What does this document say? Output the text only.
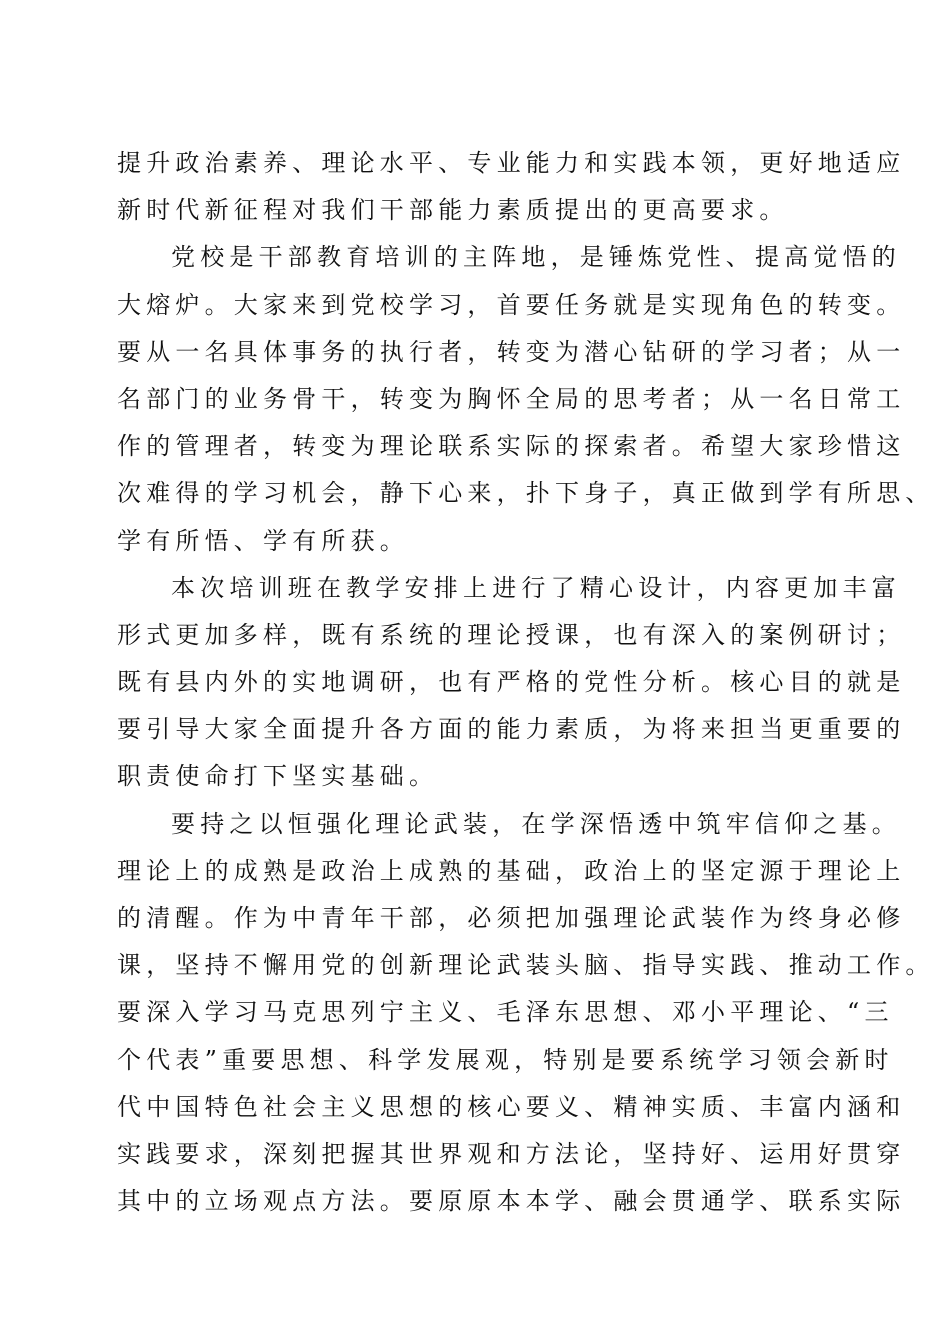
提升政治素养、理论水平、专业能力和实践本领，更好地适应
新时代新征程对我们干部能力素质提出的更高要求。
党校是干部教育培训的主阵地，是锤炼党性、提高觉悟的
大熔炉。大家来到党校学习，首要任务就是实现角色的转变。
要从一名具体事务的执行者，转变为潜心钻研的学习者；从一
名部门的业务骨干，转变为胸怀全局的思考者；从一名日常工
作的管理者，转变为理论联系实际的探索者。希望大家珍惜这
次难得的学习机会，静下心来，扑下身子，真正做到学有所思、
学有所悟、学有所获。
本次培训班在教学安排上进行了精心设计，内容更加丰富
形式更加多样，既有系统的理论授课，也有深入的案例研讨；
既有县内外的实地调研，也有严格的党性分析。核心目的就是
要引导大家全面提升各方面的能力素质，为将来担当更重要的
职责使命打下坚实基础。
要持之以恒强化理论武装，在学深悟透中筑牢信仰之基。
理论上的成熟是政治上成熟的基础，政治上的坚定源于理论上
的清醒。作为中青年干部，必须把加强理论武装作为终身必修
课，坚持不懈用党的创新理论武装头脑、指导实践、推动工作。
要深入学习马克思列宁主义、毛泽东思想、邓小平理论、“三
个代表”重要思想、科学发展观，特别是要系统学习领会新时
代中国特色社会主义思想的核心要义、精神实质、丰富内涵和
实践要求，深刻把握其世界观和方法论，坚持好、运用好贯穿
其中的立场观点方法。要原原本本学、融会贯通学、联系实际
